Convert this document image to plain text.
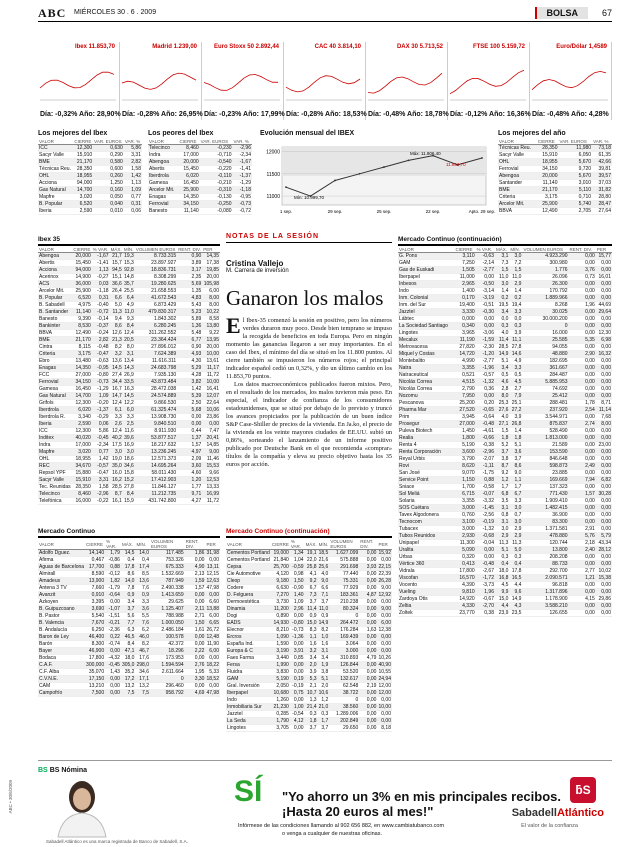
ABC MIÉRCOLES 30 . 6 . 2009	BOLSA	67
Ibex 11.853,70
Día: -0,32% Año: 28,90%
Madrid 1.239,00
Día: -0,28% Año: 26,95%
Euro Stoxx 50 2.892,44
Día: -0,23% Año: 17,99%
CAC 40 3.814,10
Día: -0,28% Año: 18,53%
DAX 30 5.713,52
Día: -0,48% Año: 18,78%
FTSE 100 5.159,72
Día: -0,12% Año: 16,36%
Euro/Dólar 1,4589
Día: -0,48% Año: 4,28%
Los mejores del Ibex
VALOR	CIERRE	VAR. EUROS	VAR. %
ICC	12,300	0,630	5,86
Sacyr Valle	15,910	0,290	3,31
BME	21,170	0,580	2,82
Técnicas Reu.	28,350	0,600	1,58
OHL	18,955	0,260	1,42
Acciona	94,000	1,250	1,13
Gas Natural	14,700	0,160	1,09
Mapfre	3,020	0,050	0,77
B. Popular	6,520	0,040	0,31
Iberia	2,590	0,010	0,06
Los peores del Ibex
VALOR	CIERRE	VAR. EUROS	VAR. %
Telecinco	8,460	-0,230	-2,96
Indra	17,000	-0,710	-2,34
Abengoa	20,000	-0,540	-1,67
Abertis	15,450	-0,220	-1,41
Iberdrola	6,020	-0,110	-1,37
Gamesa	16,450	-0,210	-1,29
Arcelor Mit.	25,900	-0,310	-1,18
Enagas	14,350	-0,130	-0,95
Ferrovial	34,150	-0,250	-0,73
Banesto	11,140	-0,080	-0,72
Evolución mensual del IBEX
12000
11500
11000
1 sep.	29 sep.	25 sep.	22 sep.	Apto. 29 sep.
Máx: 11.906,40
Mín: 10.999,70
11.853,70
Los mejores del año
VALOR	CIERRE	VAR. EUROS	VAR. %
Técnicas Reu.	28,350	11,980	73,18
Sacyr Valle	15,910	6,050	61,35
OHL	18,955	5,670	42,66
Ferrovial	34,150	9,720	39,81
Abengoa	20,000	5,670	39,57
Santander	11,140	3,010	37,03
BME	21,170	5,110	31,82
Criteria	3,175	0,710	28,80
Arcelor Mit.	25,900	5,740	28,47
BBVA	12,490	2,705	27,64
Ibex 35
VALOR	CIERRE	% VAR.	MÁX.	MÍN.	VOLUMEN EUROS	RENT. DIV.	PER
Abengoa	20,000	-1,67	21,7	19,3	8.733.315	0,90	14,35
Abertis	15,450	-1,41	15,7	15,3	23.897.927	3,89	17,38
Acciona	94,000	1,13	94,5	92,8	18.836.731	3,17	19,85
Acerinox	14,900	-0,27	15,1	14,8	8.308.299	2,35	20,00
ACS	36,000	0,03	36,6	35,7	19.280.625	5,69	105,98
Arcelor Mit.	25,900	-1,18	26,4	25,5	21.658.553	1,35	6,00
B. Popular	6,520	0,31	6,6	6,4	41.672.543	4,83	8,00
B. Sabadell	4,975	-0,40	5,0	4,9	6.873.429	5,43	8,00
B. Santander	11,140	-0,72	11,3	11,0	479.830.317	5,23	10,22
Banesto	9,390	-0,14	9,4	9,3	1.843.302	5,89	8,58
Bankinter	8,530	-0,37	8,6	8,4	6.280.245	1,36	13,80
BBVA	12,490	-0,24	12,6	12,4	311.262.552	5,48	9,22
BME	21,170	2,82	21,3	20,5	23.364.424	6,77	13,95
Cintra	8,115	-0,48	8,2	8,0	27.896.012	0,90	20,00
Criteria	3,175	-0,47	3,2	3,1	7.624.389	4,93	10,00
Ebro	13,480	-0,63	13,6	13,4	11.616.311	4,30	13,61
Enagas	14,350	-0,95	14,5	14,3	24.683.798	5,29	11,17
FCC	27,000	-0,80	27,4	26,9	7.935.130	4,28	11,72
Ferrovial	34,150	-0,73	34,4	33,5	43.873.484	3,82	10,00
Gamesa	16,450	-1,29	16,7	16,3	28.472.038	1,42	16,41
Gas Natural	14,700	1,09	14,7	14,5	24.574.889	5,39	12,07
Grifols	12,300	-0,20	12,4	12,2	9.866.530	2,50	22,64
Iberdrola	6,020	-1,37	6,1	6,0	61.325.474	5,68	10,06
Iberdrola R.	3,340	-0,29	3,3	3,3	13.908.730	0,00	23,86
Iberia	2,590	0,06	2,6	2,5	9.840.510	0,00	0,00
ICC	12,300	5,86	12,4	11,6	8.911.930	0,44	7,47
Inditex	40,020	-0,45	40,2	39,6	53.877.517	1,37	20,41
Indra	17,000	-2,34	17,5	16,9	18.217.632	1,57	14,85
Mapfre	3,020	0,77	3,0	3,0	13.236.245	4,97	9,00
OHL	18,955	1,42	19,0	18,6	12.571.373	2,09	11,46
REC	34,670	-0,57	35,0	34,6	14.695.264	3,60	15,53
Repsol YPF	15,880	-0,47	16,0	15,8	58.011.430	4,60	9,66
Sacyr Valle	15,910	3,31	16,2	15,2	17.412.903	1,20	12,53
Tec. Reunidas	28,350	1,58	28,5	27,8	11.846.127	1,77	13,33
Telecinco	8,460	-2,96	8,7	8,4	11.212.735	9,71	16,99
Telefónica	16,000	-0,22	16,1	15,9	431.742.800	4,27	11,72
Mercado Continuo
VALOR	CIERRE	% VAR.	MÁX.	MÍN.	VOLUMEN EUROS	RENT. DIV.	PER
Adolfo Dguez.	14,140	1,79	14,5	14,0	117.485	1,86	31,98
Afirma	0,467	-0,86	0,4	0,4	753.326	0,00	0,00
Aguas de Barcelona	17,700	0,88	17,8	17,4	675.333	4,90	13,11
Almirall	8,590	-0,12	8,6	8,5	1.532.669	2,13	12,15
Amadeus	13,900	1,82	14,0	13,6	787.949	1,59	12,63
Antena 3 TV	7,660	-1,79	7,8	7,6	2.490.338	1,57	47,98
Avanzit	0,910	-0,64	0,9	0,9	1.413.659	0,00	0,00
Azkoyen	3,395	0,00	3,4	3,3	29.625	0,00	6,60
B. Guipuzcoano	3,690	-1,07	3,7	3,6	1.125.407	2,11	13,88
B. Pastor	5,540	-1,51	5,6	5,5	788.988	2,71	6,00
B. Valencia	7,670	-0,21	7,7	7,6	1.000.050	1,50	6,65
B. Andalucía	6,250	-2,36	6,3	6,2	2.486.184	1,61	26,72
Baron de Ley	46,400	0,22	46,5	46,0	100.578	0,00	12,48
Barón	8,300	-0,74	8,4	8,2	42.372	0,00	11,90
Bayer	46,900	0,00	47,1	46,7	18.296	2,22	6,00
Bodaca	17,800	-4,32	18,0	17,6	173.953	0,00	0,00
C.A.F.	300,000	-0,45	305,0	298,0	1.594.594	2,76	18,22
C.F. Alba	35,070	1,43	35,2	34,6	2.611.664	1,95	5,33
C.V.N.E.	17,150	0,00	17,2	17,1	0	3,30	18,52
CAM	13,210	0,00	13,2	13,2	296.460	0,00	0,00
Campofrío	7,500	0,00	7,5	7,5	958.792	4,69	47,98
NOTAS DE LA SESIÓN
Cristina Vallejo
M. Carrera de inversión
Ganaron los malos

El Ibex-35 comenzó la sesión en positivo, pero los números verdes duraron muy poco. Desde bien temprano se impuso la recogida de beneficios en toda Europa. Pero en ningún momento las ganancias llegaron a ser muy importantes. En el caso del Ibex, el mínimo del día se situó en los 11.800 puntos. Al cierre también se impusieron los números rojos; el principal indicador español cedió un 0,32%, y dio un último cambio en los 11.853,70 puntos.

Los datos macroeconómicos publicados fueron mixtos. Pero, en el resultado de los mercados, los malos tuvieron más peso. En especial, el indicador de confianza de los consumidores estadounidenses, que se situó por debajo de lo previsto y truncó los avances propiciados por la publicación de un buen índice S&P Case-Shiller de precios de la vivienda. En Ja.ko, el precio de la vivienda en los veinte mayores ciudades de EE.UU. subió un 0,86%, sorteando el lanzamiento de un informe positivo publicado por Deutsche Bank en el que recomienda «comprar» títulos de la compañía y eleva su precio objetivo hasta los 35 euros por acción.

Mercado Continuo (continuación)
VALOR	CIERRE	% VAR.	MÁX.	MÍN.	VOLUMEN EUROS	RENT. DIV.	PER
Cementos Portland	19,000	1,34	19,1	18,5	1.627.099	0,00	15,92
Cementos Portland	21,840	1,04	22,0	21,6	575.888	0,00	0,00
Cepsa	25,700	-0,59	25,8	25,6	291.698	3,93	22,15
Cie Automotive	4,120	0,98	4,1	4,0	77.440	0,00	22,39
Cleop	9,180	1,50	9,2	9,0	75.331	0,00	26,28
Codere	6,630	-0,90	6,7	6,6	77.929	0,00	9,00
D. Felguera	7,270	1,40	7,3	7,1	183.361	4,87	12,92
Dermoestética	3,730	1,09	3,7	3,7	210.238	0,00	0,00
Dinamia	11,200	2,96	11,4	11,0	80.324	0,00	9,00
Dogi	0,890	0,00	0,9	0,9	0	0,00	0,00
EADS	14,930	-0,80	15,0	14,9	264.472	0,00	6,00
Elecnor	8,210	-0,73	8,3	8,2	176.284	1,63	12,38
Ercros	1,090	-1,36	1,1	1,0	169.439	0,00	0,00
España Ind.	1,590	0,00	1,6	1,6	3.064	0,00	0,00
Europa & C	3,190	3,91	3,2	3,1	3.000	0,00	0,00
Faes Farma	3,440	0,85	3,4	3,4	310.893	4,79	10,26
Fersa	1,990	0,00	2,0	1,9	126.844	0,00	40,90
Fluidra	3,830	0,00	3,9	3,8	53.520	0,00	10,55
GAM	5,190	0,19	5,3	5,1	132.617	0,00	24,94
Gral. Inversión	2,050	-0,19	2,1	2,0	62.548	2,19	12,00
Iberpapel	10,680	0,75	10,7	10,6	38.722	0,00	12,00
Indo	1,260	0,00	1,3	1,2	0	0,00	0,00
Inmobiliaria Sur	21,230	1,00	21,4	21,0	38.560	0,00	10,00
Jazztel	0,285	-0,54	0,3	0,3	1.289.006	0,00	0,00
La Seda	1,790	4,12	1,8	1,7	202.849	0,00	0,00
Lingotes	3,705	0,00	3,7	3,7	29.650	0,00	8,18
Mercado Continuo (continuación)
VALOR	CIERRE	% VAR.	MÁX.	MÍN.	VOLUMEN EUROS	RENT. DIV.	PER
G. Pons	3,110	-0,63	3,1	3,0	4.923.290	0,00	15,77
GAM	7,250	-2,14	7,3	7,2	300.980	0,00	0,00
Gas de Euskadi	1,505	-2,77	1,5	1,5	1.776	3,76	0,00
Iberpapel	11,000	0,00	11,0	11,0	26.096	0,73	16,01
Inbesos	2,965	-0,50	3,0	2,9	26.300	0,00	0,00
Indo	1,400	-3,14	1,4	1,4	170.792	0,00	0,00
Inm. Colonial	0,170	-3,19	0,2	0,2	1.889.966	0,00	0,00
Inm. del Sur	19,400	-0,51	19,5	19,4	8.268	1,96	44,69
Jazztel	3,330	-0,30	3,4	3,3	30.025	0,00	29,64
Lábtec	0,000	0,00	0,0	0,0	30.000.200	0,00	0,00
La Sociedad Santiago	0,340	0,00	0,3	0,3	0	0,00	0,00
Lingotes	3,965	-3,06	4,0	3,9	16.000	0,00	12,30
Mecalux	11,190	-1,59	11,4	11,1	25.585	5,35	6,98
Metrovacesa	27,820	-2,30	28,5	27,8	94.055	0,00	0,00
Miquel y Costas	14,720	-1,20	14,9	14,6	48.880	2,90	16,32
Montebalito	4,990	-2,77	5,1	4,9	182.695	0,00	0,00
Natra	3,355	-1,96	3,4	3,3	361.667	0,00	0,00
Natraceutical	0,521	-0,57	0,5	0,5	284.487	0,00	0,00
Nicolás Correa	4,515	-1,32	4,6	4,5	5.885.953	0,00	0,00
Nicolás Correa	2,790	0,36	2,8	2,7	74.692	0,00	0,00
Nozomu	7,950	0,00	8,0	7,9	25.412	0,00	0,00
Pescanova	25,200	0,20	25,3	25,1	288.481	1,78	8,71
Pharma Mar	27,520	-0,65	27,6	27,2	237.920	2,54	11,14
Prim	3,945	-0,64	4,0	3,9	3.544.971	0,00	7,68
Prosegur	27,000	-0,48	27,1	26,8	875.837	2,74	8,00
Puleva Biotech	1,450	-4,61	1,5	1,4	528.490	0,00	0,00
Realia	1,800	-0,66	1,8	1,8	1.813.000	0,00	0,00
Renta 4	5,190	-0,38	5,2	5,1	21.589	0,00	23,00
Renta Corporación	3,600	-2,96	3,7	3,6	153.590	0,00	0,00
Reyal Urbis	3,790	-2,07	3,8	3,7	846.648	0,00	0,00
Rovi	8,620	-1,11	8,7	8,6	598.873	2,49	0,00
San José	9,070	-1,75	9,2	9,0	23.885	0,00	0,00
Service Point	1,150	0,88	1,2	1,1	169.669	7,94	6,82
Sniace	1,700	-0,58	1,7	1,7	137.323	0,00	0,00
Sol Meliá	6,715	-0,07	6,8	6,7	771.430	1,57	30,28
Solaria	3,355	-3,32	3,5	3,3	1.909.410	0,00	0,00
SOS Cuétara	3,000	-1,45	3,1	3,0	1.482.415	0,00	0,00
Tavex Algodonera	0,760	-2,56	0,8	0,7	36.900	0,00	0,00
Tecnocom	3,100	-0,19	3,1	3,0	83.300	0,00	0,00
Tubacex	3,000	-1,32	3,0	2,9	1.371.581	2,91	0,00
Tubos Reunidos	2,930	-0,68	2,9	2,9	478.880	5,76	5,79
Unipapel	11,300	-0,04	11,3	11,3	120.744	2,18	43,34
Uralita	5,090	0,00	5,1	5,0	13.800	2,40	28,12
Urbas	0,320	0,00	0,3	0,3	208.208	0,00	0,00
Vértice 360	0,413	-0,48	0,4	0,4	88.733	0,00	0,00
Vidrala	17,800	-2,67	18,0	17,8	292.700	2,77	10,02
Viscofan	16,570	-1,72	16,8	16,5	2.090.571	1,21	15,38
Vocento	4,390	-3,73	4,5	4,4	96.818	0,00	0,00
Vueling	9,810	1,96	9,9	9,6	1.317.896	0,00	0,00
Zardoya Otis	14,920	-0,67	15,0	14,9	1.178.900	4,15	29,86
Zeltia	4,330	-2,70	4,4	4,3	3.588.210	0,00	0,00
Zoltek	23,770	0,38	23,9	23,5	126.655	0,00	0,00
BS BS Nómina
SÍ "Yo ahorro un 3% en mis principales recibos.
¡Hasta 20 euros al mes!"
Infórmese de las condiciones llamando al 902 656 882, en www.cambiatubanco.com
o venga a cualquier de nuestras oficinas.
ƃS
SabadellAtlántico
El valor de la confianza
Sabadell Atlántico es una marca registrada de Banco de Sabadell, S.A.
ABC • 30/6/2009
